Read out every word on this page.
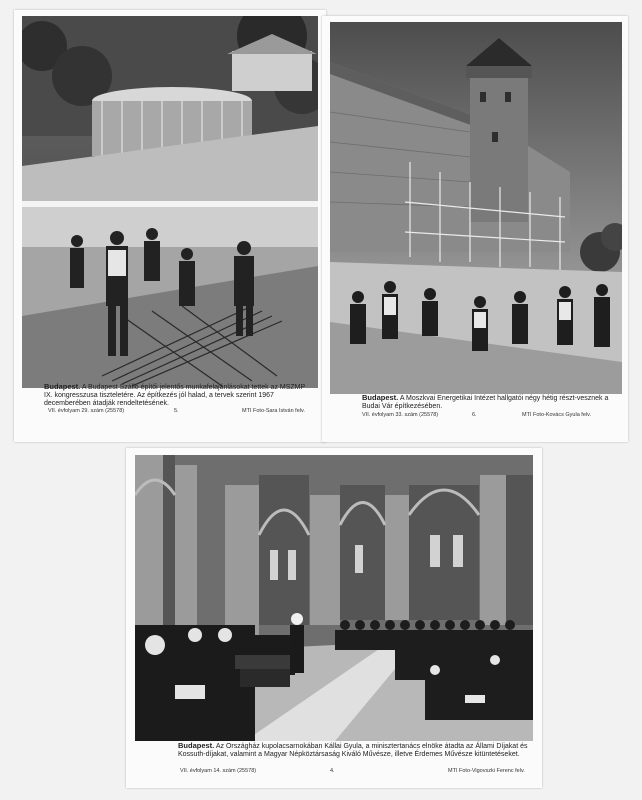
Budapest. A Budapest Szálló építői jelentős munkafelajánlásokat tettek az MSZMP IX. kongresszusa tiszteletére. Az építkezés jól halad, a tervek szerint 1967 decemberében átadják rendeltetésének.
VII. évfolyam 29. szám (25578)	5.	MTI Foto-Sara István felv.
Budapest. A Moszkvai Energetikai Intézet hallgatói négy hétig részt-vesznek a Budai Vár építkezésében.
VII. évfolyam 33. szám (25578)	6.	MTI Foto-Kovács Gyula felv.
Budapest. Az Országház kupolacsarnokában Kállai Gyula, a minisztertanács elnöke átadta az Állami Díjakat és Kossuth-díjakat, valamint a Magyar Népköztársaság Kiváló Művésze, illetve Érdemes Művésze kitüntetéseket.
VII. évfolyam 14. szám (25578)	4.	MTI Foto-Vigovszki Ferenc felv.
